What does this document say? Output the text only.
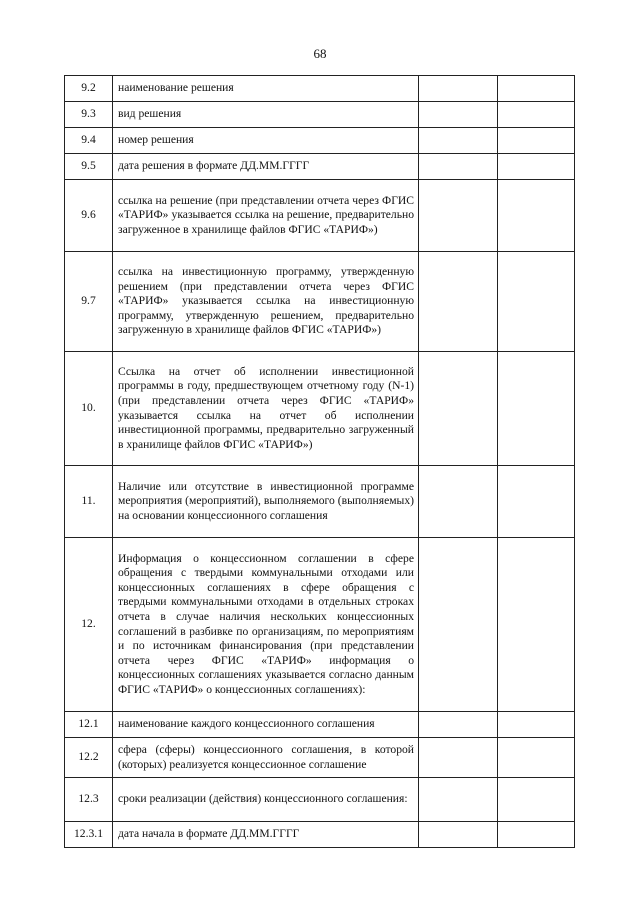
68
9.2	наименование решения		
9.3	вид решения		
9.4	номер решения		
9.5	дата решения в формате ДД.ММ.ГГГГ		
9.6	ссылка на решение (при представлении отчета через ФГИС «ТАРИФ» указывается ссылка на решение, предварительно загруженное в хранилище файлов ФГИС «ТАРИФ»)		
9.7	ссылка на инвестиционную программу, утвержденную решением (при представлении отчета через ФГИС «ТАРИФ» указывается ссылка на инвестиционную программу, утвержденную решением, предварительно загруженную в хранилище файлов ФГИС «ТАРИФ»)		
10.	Ссылка на отчет об исполнении инвестиционной программы в году, предшествующем отчетному году (N-1) (при представлении отчета через ФГИС «ТАРИФ» указывается ссылка на отчет об исполнении инвестиционной программы, предварительно загруженный в хранилище файлов ФГИС «ТАРИФ»)		
11.	Наличие или отсутствие в инвестиционной программе мероприятия (мероприятий), выполняемого (выполняемых) на основании концессионного соглашения		
12.	Информация о концессионном соглашении в сфере обращения с твердыми коммунальными отходами или концессионных соглашениях в сфере обращения с твердыми коммунальными отходами в отдельных строках отчета в случае наличия нескольких концессионных соглашений в разбивке по организациям, по мероприятиям и по источникам финансирования (при представлении отчета через ФГИС «ТАРИФ» информация о концессионных соглашениях указывается согласно данным ФГИС «ТАРИФ» о концессионных соглашениях):		
12.1	наименование каждого концессионного соглашения		
12.2	сфера (сферы) концессионного соглашения, в которой (которых) реализуется концессионное соглашение		
12.3	сроки реализации (действия) концессионного соглашения:		
12.3.1	дата начала в формате ДД.ММ.ГГГГ		
